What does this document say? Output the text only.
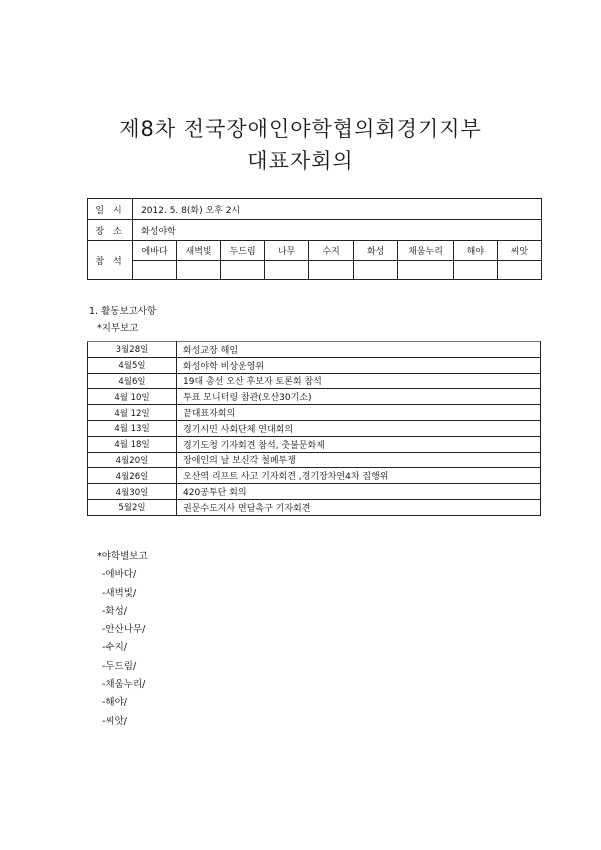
제8차 전국장애인야학협의회경기지부
대표자회의
일 시	2012. 5. 8(화) 오후 2시								
장 소	화성야학								
참 석	에바다	새벽빛	두드림	나무	수지	화성	채움누리	해야	씨앗

1. 활동보고사항
*지부보고
3월28일	화성교장 해임
4월5일	화성야학 비상운영위
4월6일	19대 총선 오산 후보자 토론회 참석
4월 10일	투표 모니터링 참관(오산30기소)
4월 12일	끝대표자회의
4월 13일	경기시민 사회단체 연대회의
4월 18일	경기도청 기자회견 참석, 춧불문화제
4월20일	장애인의 날 보신각 철폐투쟁
4월26일	오산역 리프트 사고 기자회견 ,경기장차연4차 집행위
4월30일	420공투단 회의
5월2일	권문수도지사 면담촉구 기자회견
*야학별보고
-에바다/
-새벽빛/
-화성/
-안산나무/
-수지/
-두드림/
-채움누리/
-해야/
-씨앗/
